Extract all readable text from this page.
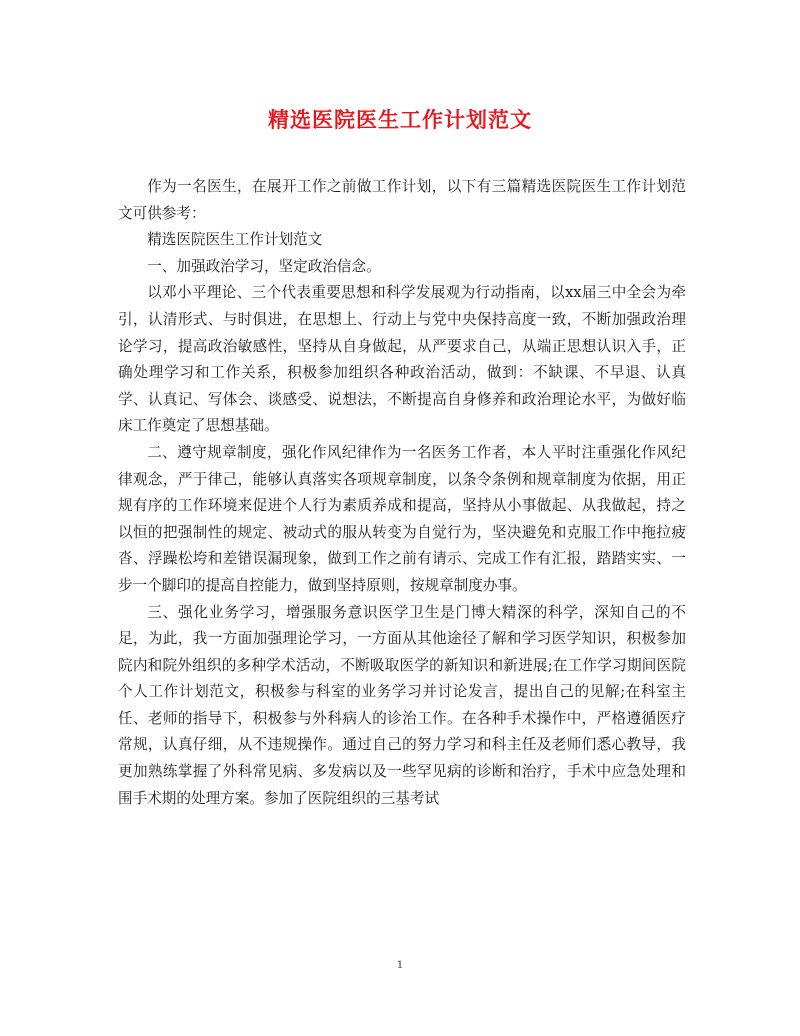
精选医院医生工作计划范文

作为一名医生，在展开工作之前做工作计划，以下有三篇精选医院医生工作计划范文可供参考：

精选医院医生工作计划范文

一、加强政治学习，坚定政治信念。

以邓小平理论、三个代表重要思想和科学发展观为行动指南，以xx届三中全会为牵引，认清形式、与时俱进，在思想上、行动上与党中央保持高度一致，不断加强政治理论学习，提高政治敏感性，坚持从自身做起，从严要求自己，从端正思想认识入手，正确处理学习和工作关系，积极参加组织各种政治活动，做到：不缺课、不早退、认真学、认真记、写体会、谈感受、说想法，不断提高自身修养和政治理论水平，为做好临床工作奠定了思想基础。

二、遵守规章制度，强化作风纪律作为一名医务工作者，本人平时注重强化作风纪律观念，严于律己，能够认真落实各项规章制度，以条令条例和规章制度为依据，用正规有序的工作环境来促进个人行为素质养成和提高，坚持从小事做起、从我做起，持之以恒的把强制性的规定、被动式的服从转变为自觉行为，坚决避免和克服工作中拖拉疲沓、浮躁松垮和差错误漏现象，做到工作之前有请示、完成工作有汇报，踏踏实实、一步一个脚印的提高自控能力，做到坚持原则，按规章制度办事。

三、强化业务学习，增强服务意识医学卫生是门博大精深的科学，深知自己的不足，为此，我一方面加强理论学习，一方面从其他途径了解和学习医学知识，积极参加院内和院外组织的多种学术活动，不断吸取医学的新知识和新进展;在工作学习期间医院个人工作计划范文，积极参与科室的业务学习并讨论发言，提出自己的见解;在科室主任、老师的指导下，积极参与外科病人的诊治工作。在各种手术操作中，严格遵循医疗常规，认真仔细，从不违规操作。通过自己的努力学习和科主任及老师们悉心教导，我更加熟练掌握了外科常见病、多发病以及一些罕见病的诊断和治疗，手术中应急处理和围手术期的处理方案。参加了医院组织的三基考试

1
